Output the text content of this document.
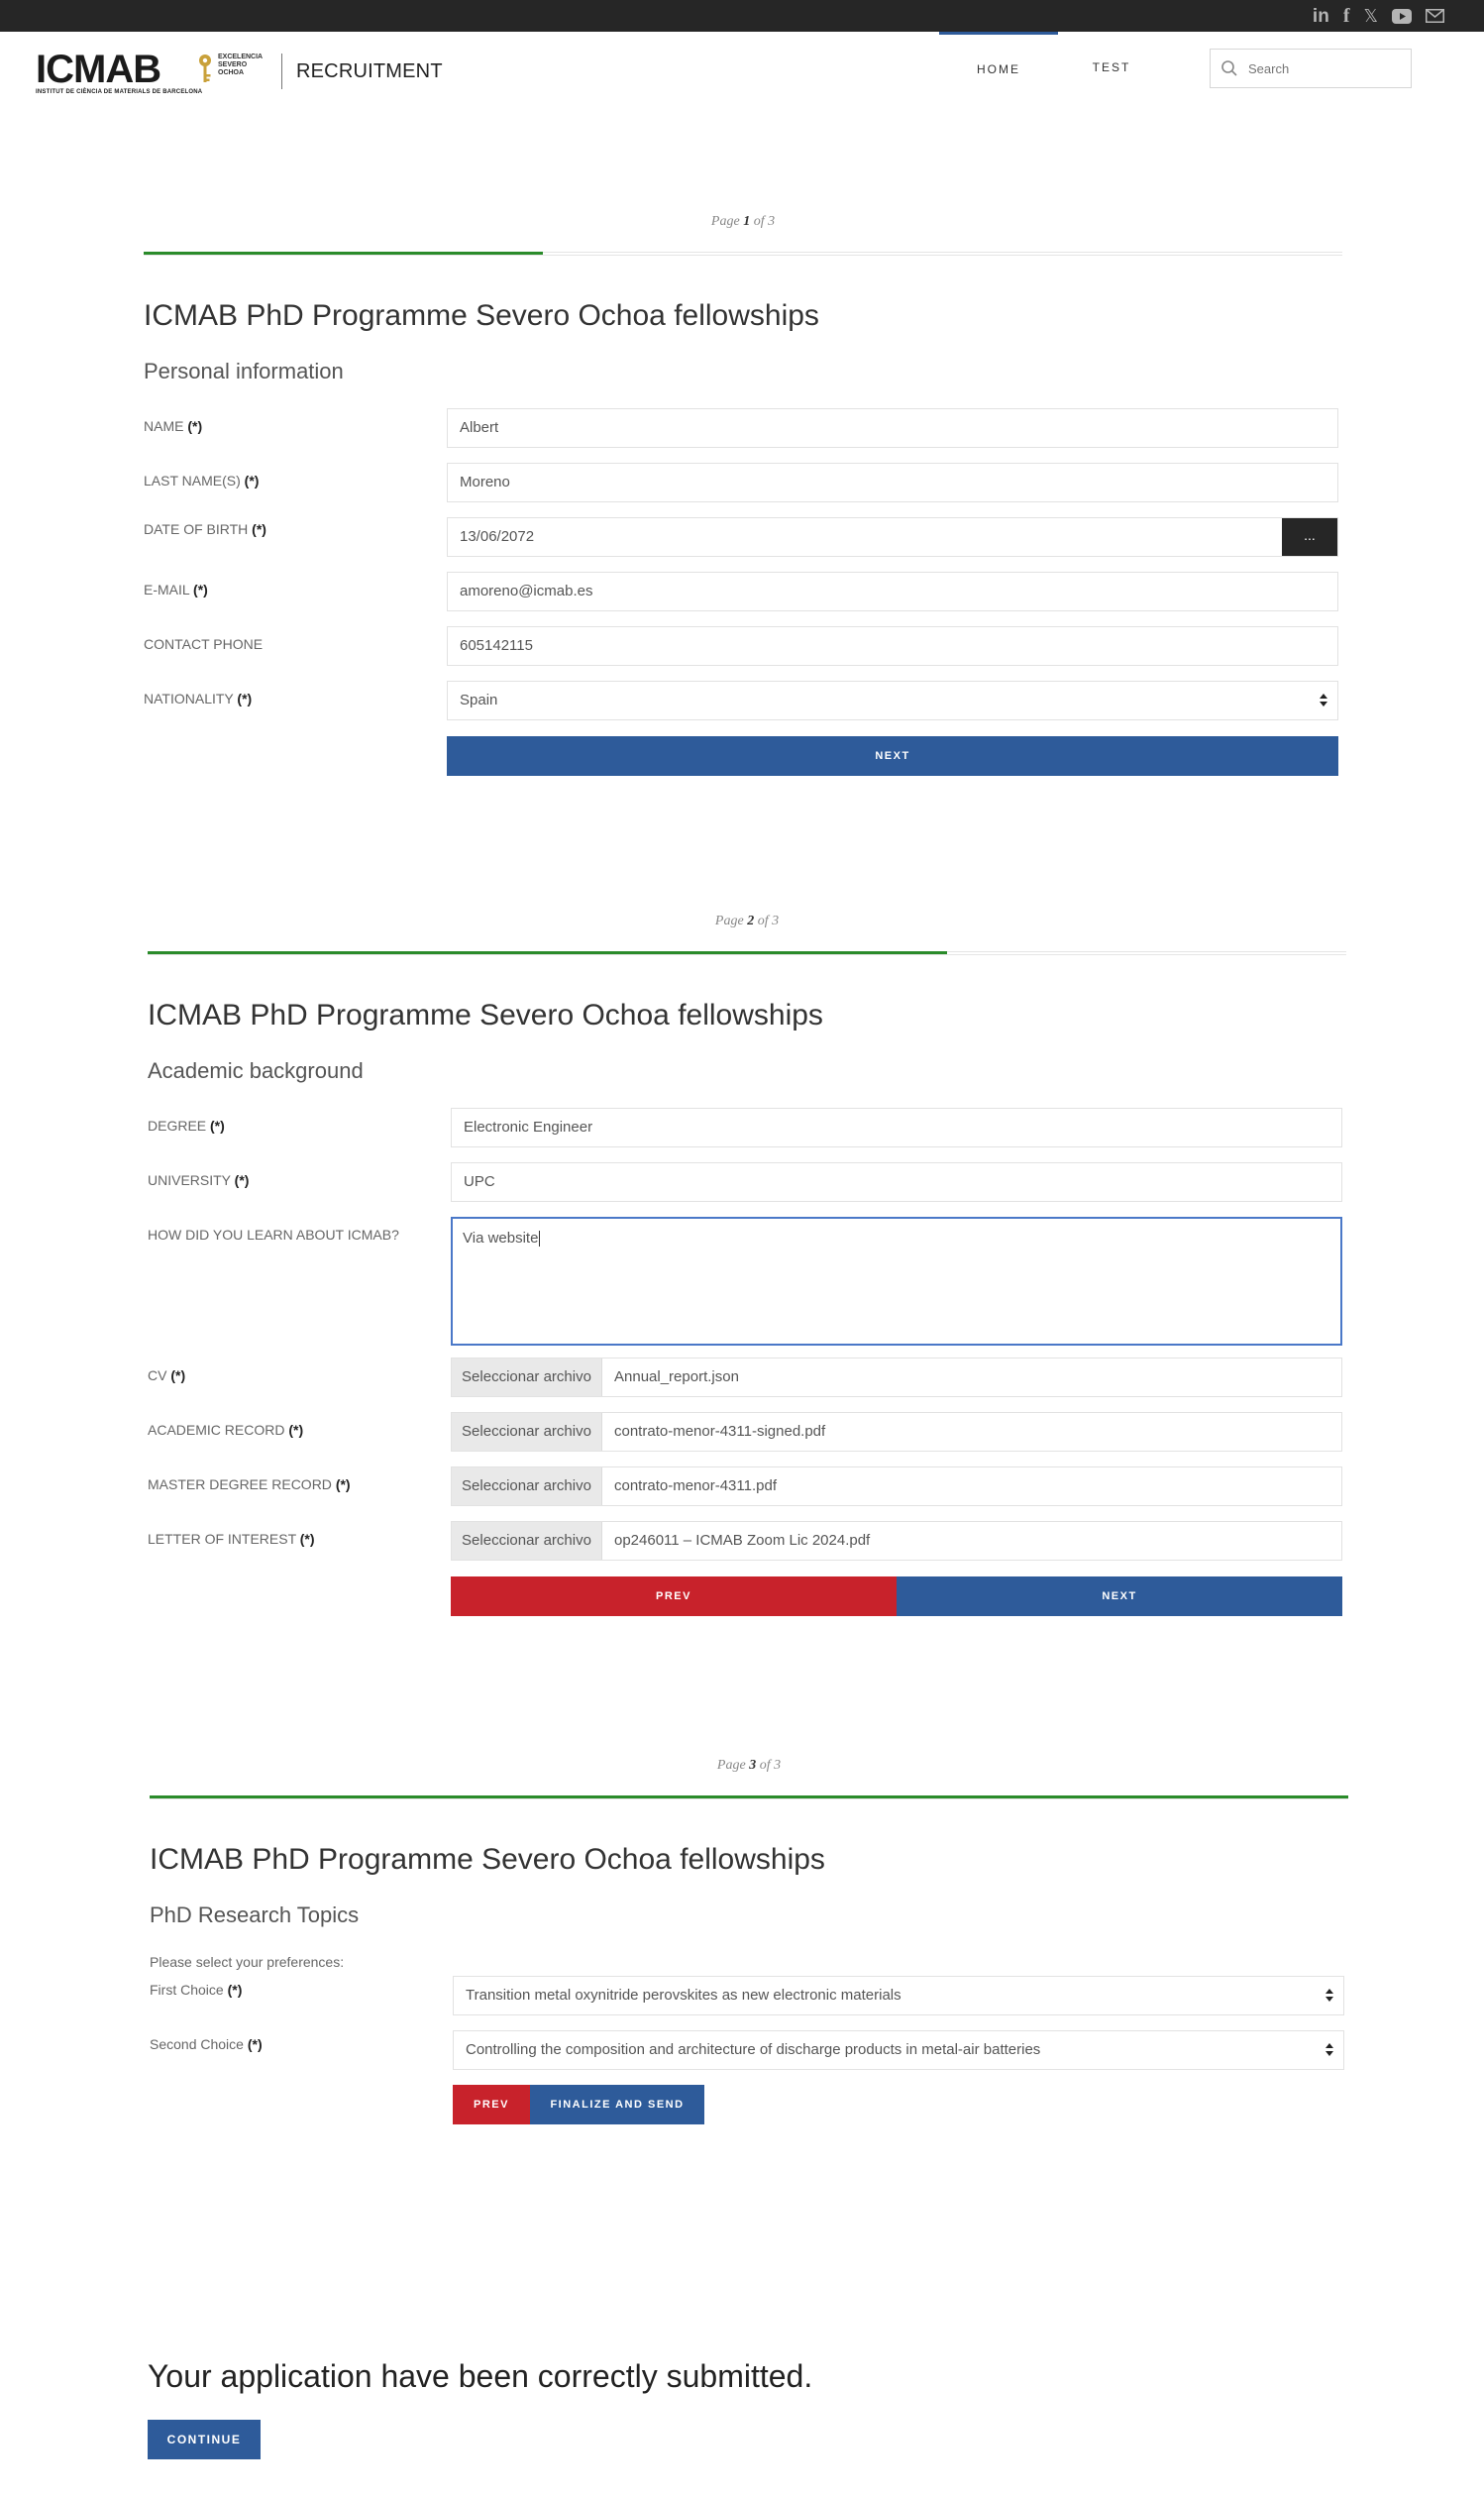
in f 𝕏
ICMAB	EXCELENCIA SEVERO OCHOA
INSTITUT DE CIÈNCIA DE MATERIALS DE BARCELONA
RECRUITMENT	HOME	TEST
Search
Page 1 of 3
ICMAB PhD Programme Severo Ochoa fellowships
Personal information
NAME (*)	Albert
LAST NAME(S) (*)	Moreno
DATE OF BIRTH (*)	13/06/2072	...
E-MAIL (*)	amoreno@icmab.es
CONTACT PHONE	605142115
NATIONALITY (*)	Spain
NEXT
Page 2 of 3
ICMAB PhD Programme Severo Ochoa fellowships
Academic background
DEGREE (*)	Electronic Engineer
UNIVERSITY (*)	UPC
HOW DID YOU LEARN ABOUT ICMAB?	Via website
CV (*)	Seleccionar archivo	Annual_report.json
ACADEMIC RECORD (*)	Seleccionar archivo	contrato-menor-4311-signed.pdf
MASTER DEGREE RECORD (*)	Seleccionar archivo	contrato-menor-4311.pdf
LETTER OF INTEREST (*)	Seleccionar archivo	op246011 – ICMAB Zoom Lic 2024.pdf
PREV	NEXT
Page 3 of 3
ICMAB PhD Programme Severo Ochoa fellowships
PhD Research Topics
Please select your preferences:
First Choice (*)	Transition metal oxynitride perovskites as new electronic materials
Second Choice (*)	Controlling the composition and architecture of discharge products in metal-air batteries
PREV	FINALIZE AND SEND
Your application have been correctly submitted.
CONTINUE
